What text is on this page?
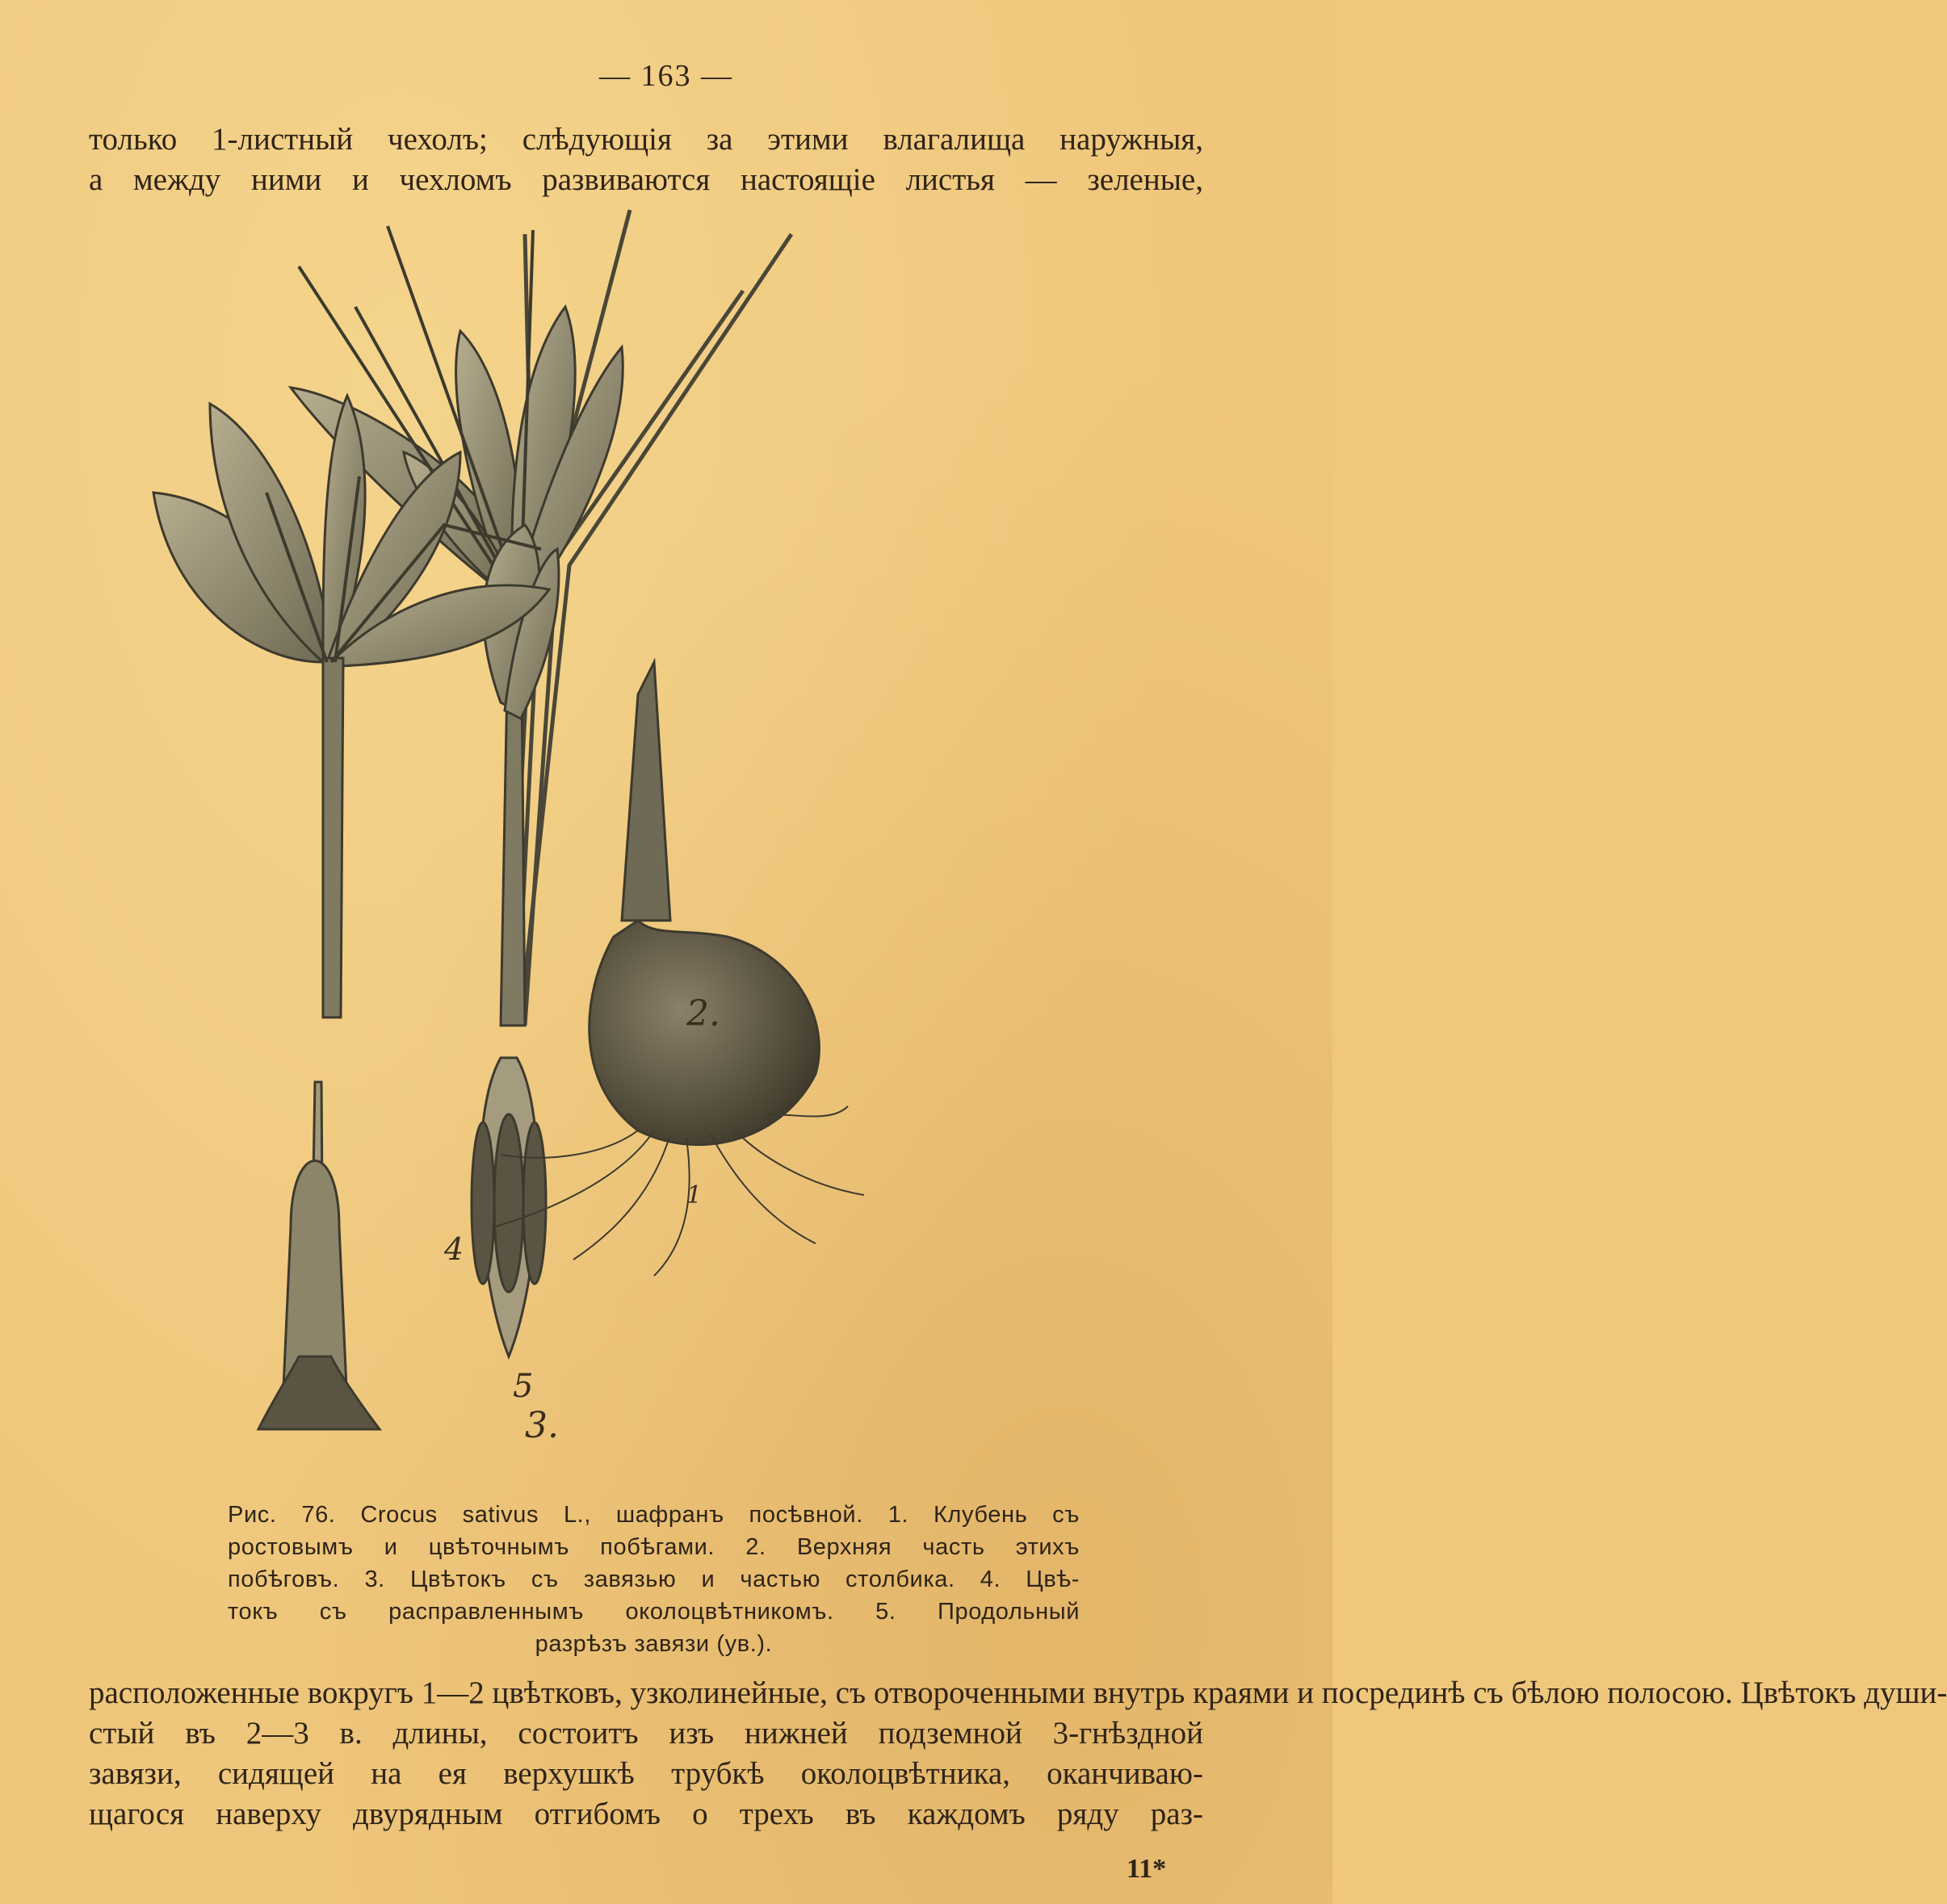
— 163 —
только 1-листный чехолъ; слѣдующія за этими влагалища наружныя,
а между ними и чехломъ развиваются настоящіе листья — зеленые,
3.
4
5
1
2.
Рис. 76. Crocus sativus L., шафранъ посѣвной. 1. Клубень съ
ростовымъ и цвѣточнымъ побѣгами. 2. Верхняя часть этихъ
побѣговъ. 3. Цвѣтокъ съ завязью и частью столбика. 4. Цвѣ-
токъ съ расправленнымъ околоцвѣтникомъ. 5. Продольный
разрѣзъ завязи (ув.).
расположенные вокругъ 1—2 цвѣтковъ, узколинейные, съ отвороченными внутрь краями и посрединѣ съ бѣлою полосою. Цвѣтокъ души-
стый въ 2—3 в. длины, состоитъ изъ нижней подземной 3-гнѣздной
завязи, сидящей на ея верхушкѣ трубкѣ околоцвѣтника, оканчиваю-
щагося наверху двурядным отгибомъ о трехъ въ каждомъ ряду раз-
11*
